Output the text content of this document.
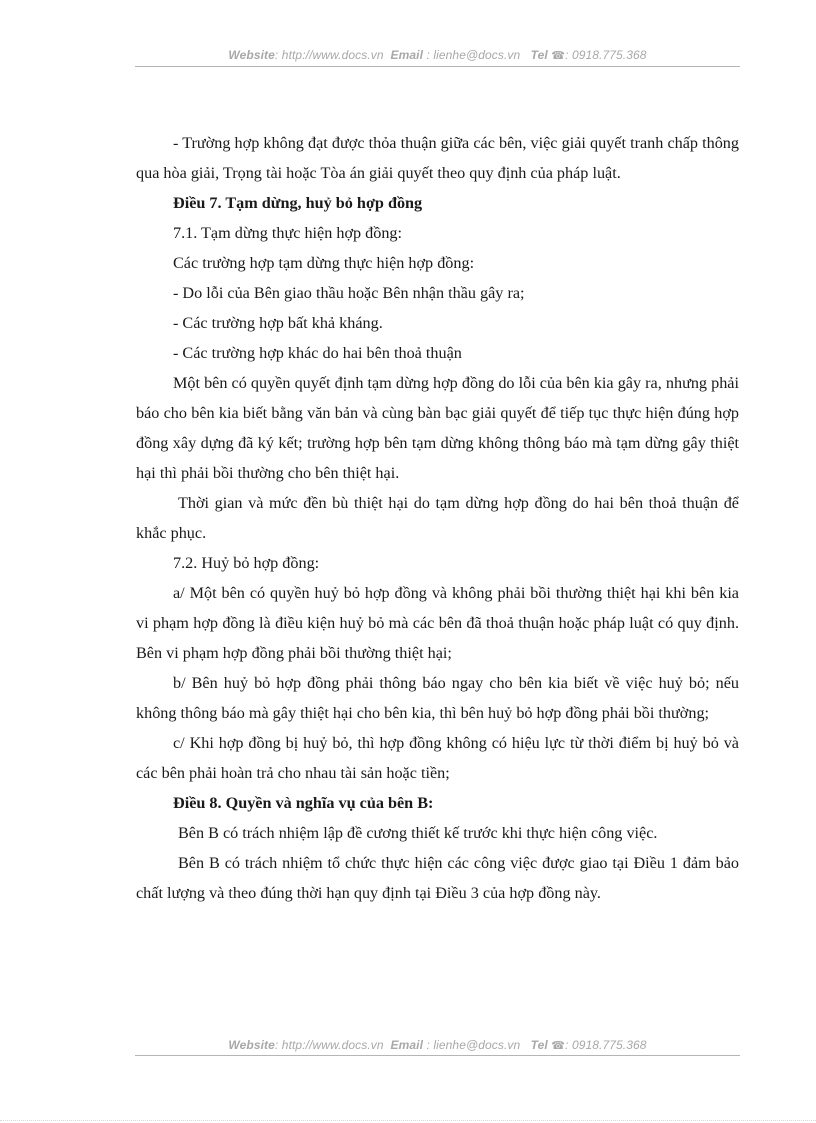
Website: http://www.docs.vn Email : lienhe@docs.vn Tel ☎: 0918.775.368

- Trường hợp không đạt được thỏa thuận giữa các bên, việc giải quyết tranh chấp thông qua hòa giải, Trọng tài hoặc Tòa án giải quyết theo quy định của pháp luật.

Điều 7. Tạm dừng, huỷ bỏ hợp đồng

7.1. Tạm dừng thực hiện hợp đồng:

Các trường hợp tạm dừng thực hiện hợp đồng:

- Do lỗi của Bên giao thầu hoặc Bên nhận thầu gây ra;

- Các trường hợp bất khả kháng.

- Các trường hợp khác do hai bên thoả thuận

Một bên có quyền quyết định tạm dừng hợp đồng do lỗi của bên kia gây ra, nhưng phải báo cho bên kia biết bằng văn bản và cùng bàn bạc giải quyết để tiếp tục thực hiện đúng hợp đồng xây dựng đã ký kết; trường hợp bên tạm dừng không thông báo mà tạm dừng gây thiệt hại thì phải bồi thường cho bên thiệt hại.

Thời gian và mức đền bù thiệt hại do tạm dừng hợp đồng do hai bên thoả thuận để khắc phục.

7.2. Huỷ bỏ hợp đồng:

a/ Một bên có quyền huỷ bỏ hợp đồng và không phải bồi thường thiệt hại khi bên kia vi phạm hợp đồng là điều kiện huỷ bỏ mà các bên đã thoả thuận hoặc pháp luật có quy định. Bên vi phạm hợp đồng phải bồi thường thiệt hại;

b/ Bên huỷ bỏ hợp đồng phải thông báo ngay cho bên kia biết về việc huỷ bỏ; nếu không thông báo mà gây thiệt hại cho bên kia, thì bên huỷ bỏ hợp đồng phải bồi thường;

c/ Khi hợp đồng bị huỷ bỏ, thì hợp đồng không có hiệu lực từ thời điểm bị huỷ bỏ và các bên phải hoàn trả cho nhau tài sản hoặc tiền;

Điều 8. Quyền và nghĩa vụ của bên B:

Bên B có trách nhiệm lập đề cương thiết kế trước khi thực hiện công việc.

Bên B có trách nhiệm tổ chức thực hiện các công việc được giao tại Điều 1 đảm bảo chất lượng và theo đúng thời hạn quy định tại Điều 3 của hợp đồng này.

Website: http://www.docs.vn Email : lienhe@docs.vn Tel ☎: 0918.775.368
